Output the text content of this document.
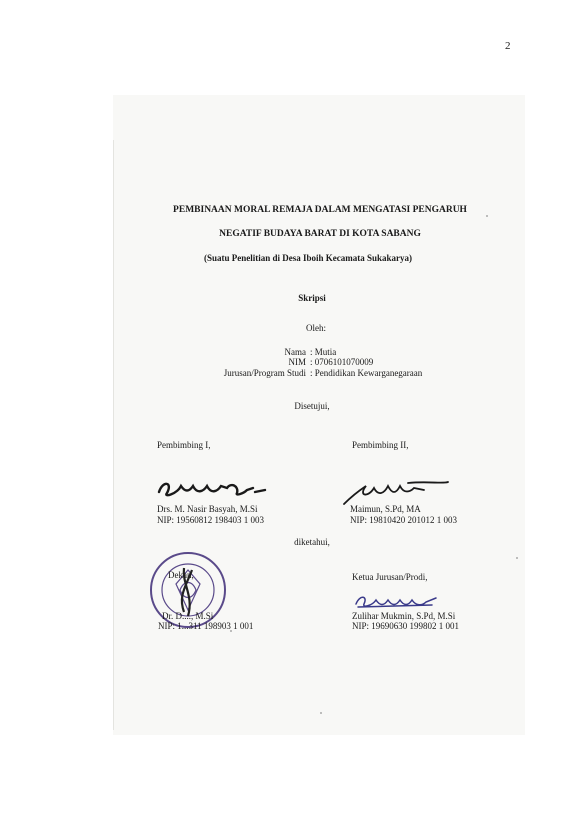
2
PEMBINAAN MORAL REMAJA DALAM MENGATASI PENGARUH
NEGATIF BUDAYA BARAT DI KOTA SABANG
(Suatu Penelitian di Desa Iboih Kecamata Sukakarya)
Skripsi
Oleh:
Nama : Mutia
NIM : 0706101070009
Jurusan/Program Studi : Pendidikan Kewarganegaraan
Disetujui,
Pembimbing I,	Pembimbing II,
Drs. M. Nasir Basyah, M.Si
NIP: 19560812 198403 1 003
Maimun, S.Pd, MA
NIP: 19810420 201012 1 003
diketahui,
Ketua Jurusan/Prodi,
Dekan,
Dr. D...., M.Si
NIP: 1...311 198903 1 001
Zulihar Mukmin, S.Pd, M.Si
NIP: 19690630 199802 1 001
